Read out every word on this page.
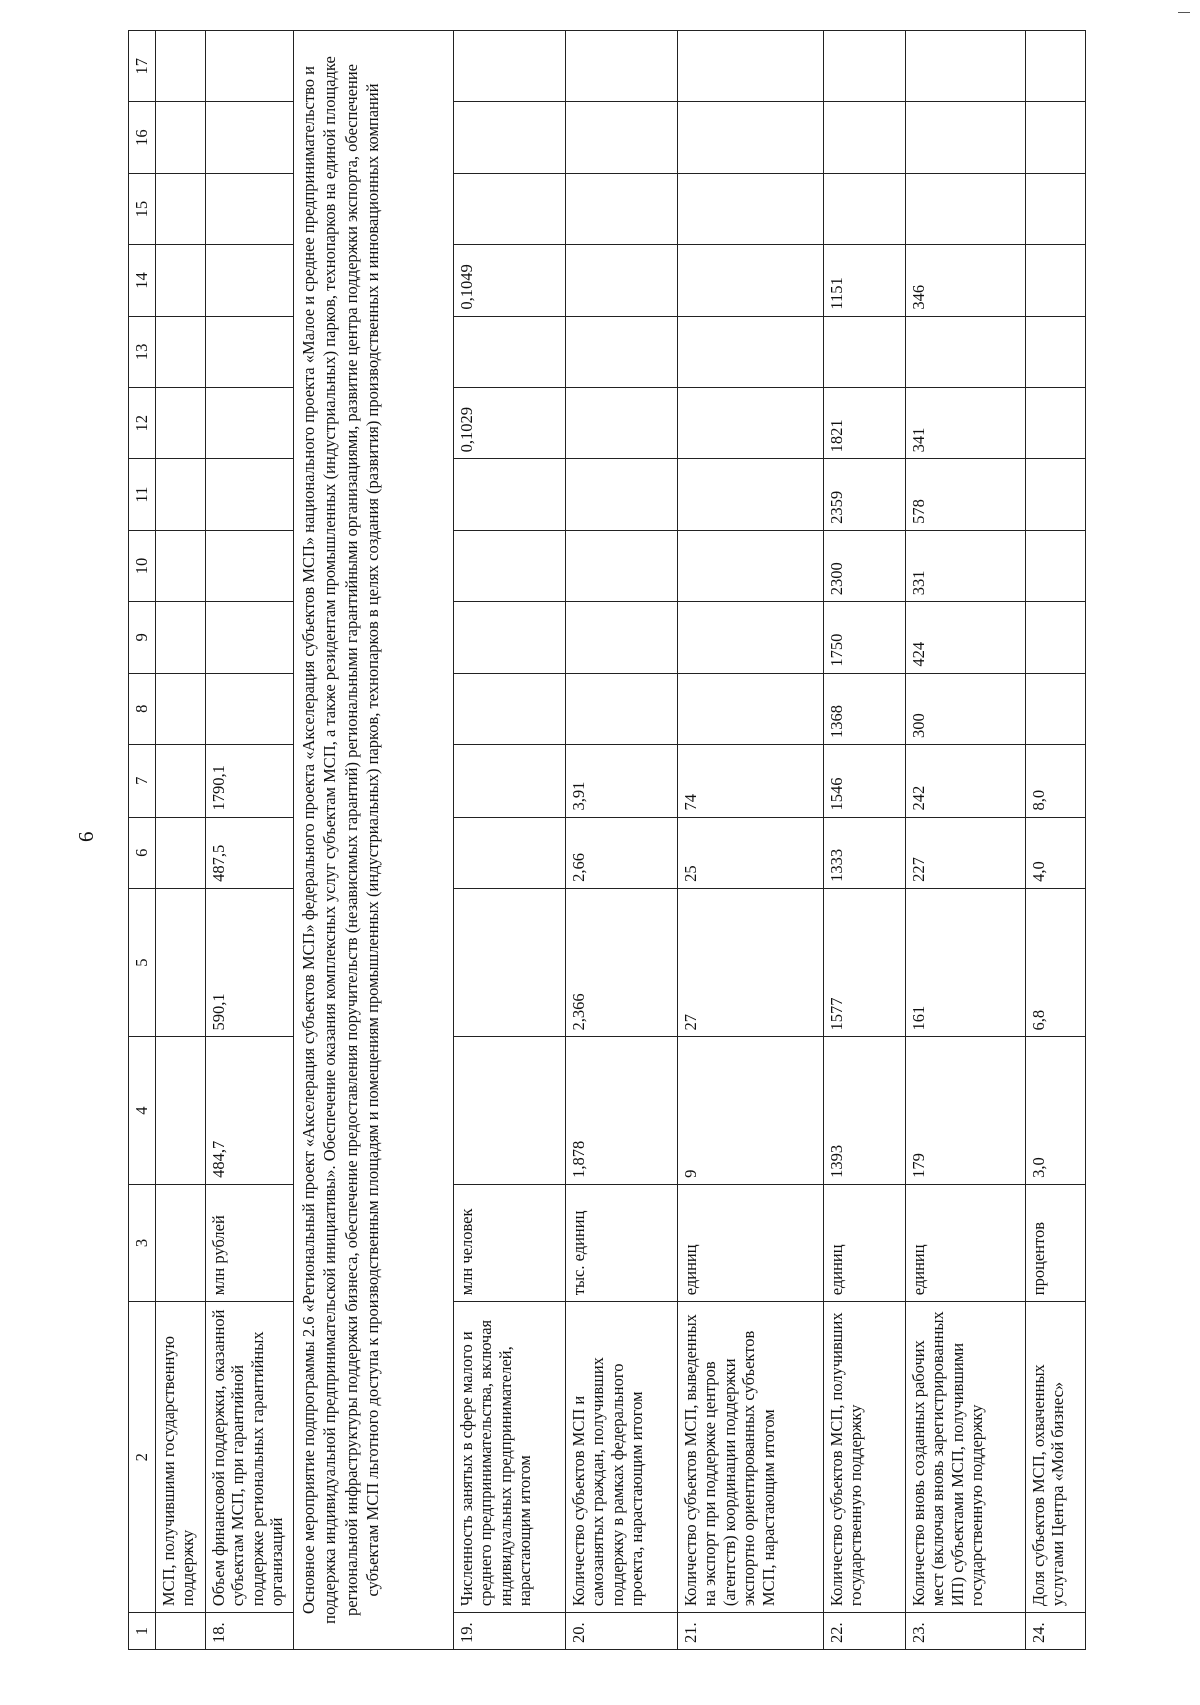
6
1	2	3	4	5	6	7	8	9	10	11	12	13	14	15	16	17
	МСП, получившими государственную поддержку															
18.	Объем финансовой поддержки, оказанной субъектам МСП, при гарантийной поддержке региональных гарантийных организаций	млн рублей	484,7	590,1	487,5	1790,1										
Основное мероприятие подпрограммы 2.6 «Региональный проект «Акселерация субъектов МСП» федерального проекта «Акселерация субъектов МСП» национального проекта «Малое и среднее предпринимательство и поддержка индивидуальной предпринимательской инициативы». Обеспечение оказания комплексных услуг субъектам МСП, а также резидентам промышленных (индустриальных) парков, технопарков на единой площадке региональной инфраструктуры поддержки бизнеса, обеспечение предоставления поручительств (независимых гарантий) региональными гарантийными организациями, развитие центра поддержки экспорта, обеспечение субъектам МСП льготного доступа к производственным площадям и помещениям промышленных (индустриальных) парков, технопарков в целях создания (развития) производственных и инновационных компаний																
19.	Численность занятых в сфере малого и среднего предпринимательства, включая индивидуальных предпринимателей, нарастающим итогом	млн человек									0,1029		0,1049			
20.	Количество субъектов МСП и самозанятых граждан, получивших поддержку в рамках федерального проекта, нарастающим итогом	тыс. единиц	1,878	2,366	2,66	3,91										
21.	Количество субъектов МСП, выведенных на экспорт при поддержке центров (агентств) координации поддержки экспортно ориентированных субъектов МСП, нарастающим итогом	единиц	9	27	25	74										
22.	Количество субъектов МСП, получивших государственную поддержку	единиц	1393	1577	1333	1546	1368	1750	2300	2359	1821		1151			
23.	Количество вновь созданных рабочих мест (включая вновь зарегистрированных ИП) субъектами МСП, получившими государственную поддержку	единиц	179	161	227	242	300	424	331	578	341		346			
24.	Доля субъектов МСП, охваченных услугами Центра «Мой бизнес»	процентов	3,0	6,8	4,0	8,0										
